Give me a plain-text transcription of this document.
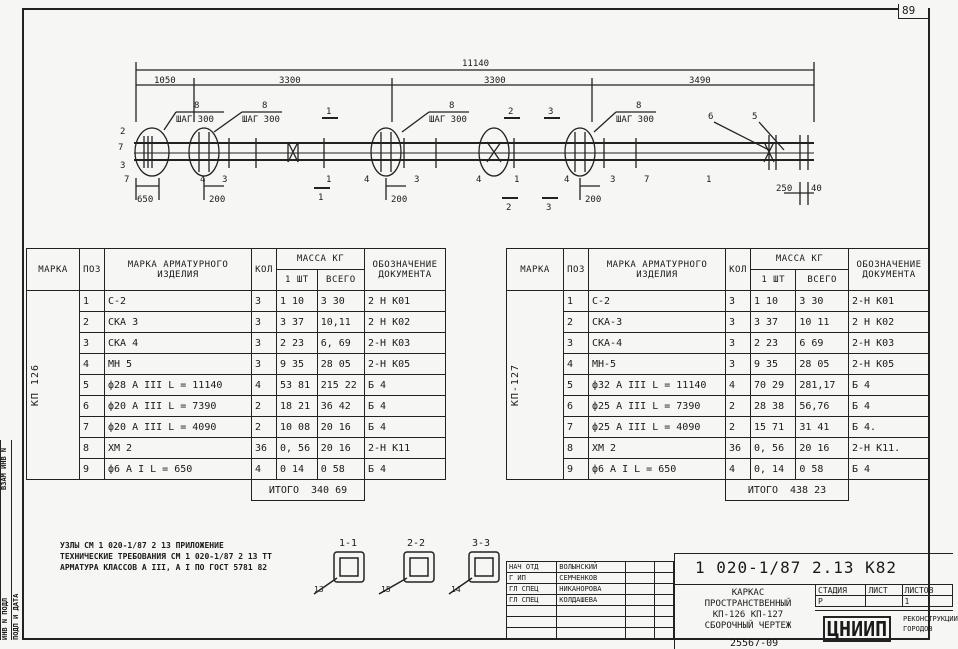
89
11140
1050	3300	3300	3490
650	200	200	200
250 40
8
ШАГ 300
8
ШАГ 300
8
ШАГ 300
8
ШАГ 300
1	2	3
1
2	3
2
7
3
7	4 3	4	3	4	1	4	3	7	1
1
6	5
МАРКА	ПОЗ	МАРКА АРМАТУРНОГО ИЗДЕЛИЯ	КОЛ	МАССА КГ		ОБОЗНАЧЕНИЕ ДОКУМЕНТА
				1 ШТ	ВСЕГО	

КП 126	1	С-2	3	1 10	3 30	2 Н К01
	2	СКА 3	3	3 37	10,11	2 Н К02
	3	СКА 4	3	2 23	6, 69	2-Н К03
	4	МН 5	3	9 35	28 05	2-Н К05
	5	ф28 А III L = 11140	4	53 81	215 22	Б 4
	6	ф20 А III L = 7390	2	18 21	36 42	Б 4
	7	ф20 А III L = 4090	2	10 08	20 16	Б 4
	8	ХМ 2	36	0, 56	20 16	2-Н К11
	9	ф6 А I L = 650	4	0 14	0 58	Б 4
			ИТОГО 340 69			
МАРКА	ПОЗ	МАРКА АРМАТУРНОГО ИЗДЕЛИЯ	КОЛ	МАССА КГ		ОБОЗНАЧЕНИЕ ДОКУМЕНТА
				1 ШТ	ВСЕГО	

КП-127	1	С-2	3	1 10	3 30	2-Н К01
	2	СКА-3	3	3 37	10 11	2 Н К02
	3	СКА-4	3	2 23	6 69	2-Н К03
	4	МН-5	3	9 35	28 05	2-Н К05
	5	ф32 А III L = 11140	4	70 29	281,17	Б 4
	6	ф25 А III L = 7390	2	28 38	56,76	Б 4
	7	ф25 А III L = 4090	2	15 71	31 41	Б 4.
	8	ХМ 2	36	0, 56	20 16	2-Н К11.
	9	ф6 А I L = 650	4	0, 14	0 58	Б 4
			ИТОГО 438 23			
УЗЛЫ СМ 1 020-1/87 2 13 ПРИЛОЖЕНИЕ
ТЕХНИЧЕСКИЕ ТРЕБОВАНИЯ СМ 1 020-1/87 2 13 ТТ
АРМАТУРА КЛАССОВ А III, А I ПО ГОСТ 5781 82
1-1	2-2	3-3
13	15	14
НАЧ ОТД	ВОЛЫНСКИЙ		
Г ИП	СЕМЧЕНКОВ		
ГЛ СПЕЦ	НИКАНОРОВА		
ГЛ СПЕЦ	КОЛДАШЕВА		

1 020-1/87 2.13 К82
КАРКАС
ПРОСТРАНСТВЕННЫЙ
КП-126 КП-127
СБОРОЧНЫЙ ЧЕРТЕЖ
СТАДИЯ	ЛИСТ	ЛИСТОВ
Р		1
ЦНИИП	РЕКОНСТРУКЦИИ ГОРОДОВ
ИНВ N ПОДЛ ПОДП И ДАТА
ВЗАМ ИНВ N
25567-09
